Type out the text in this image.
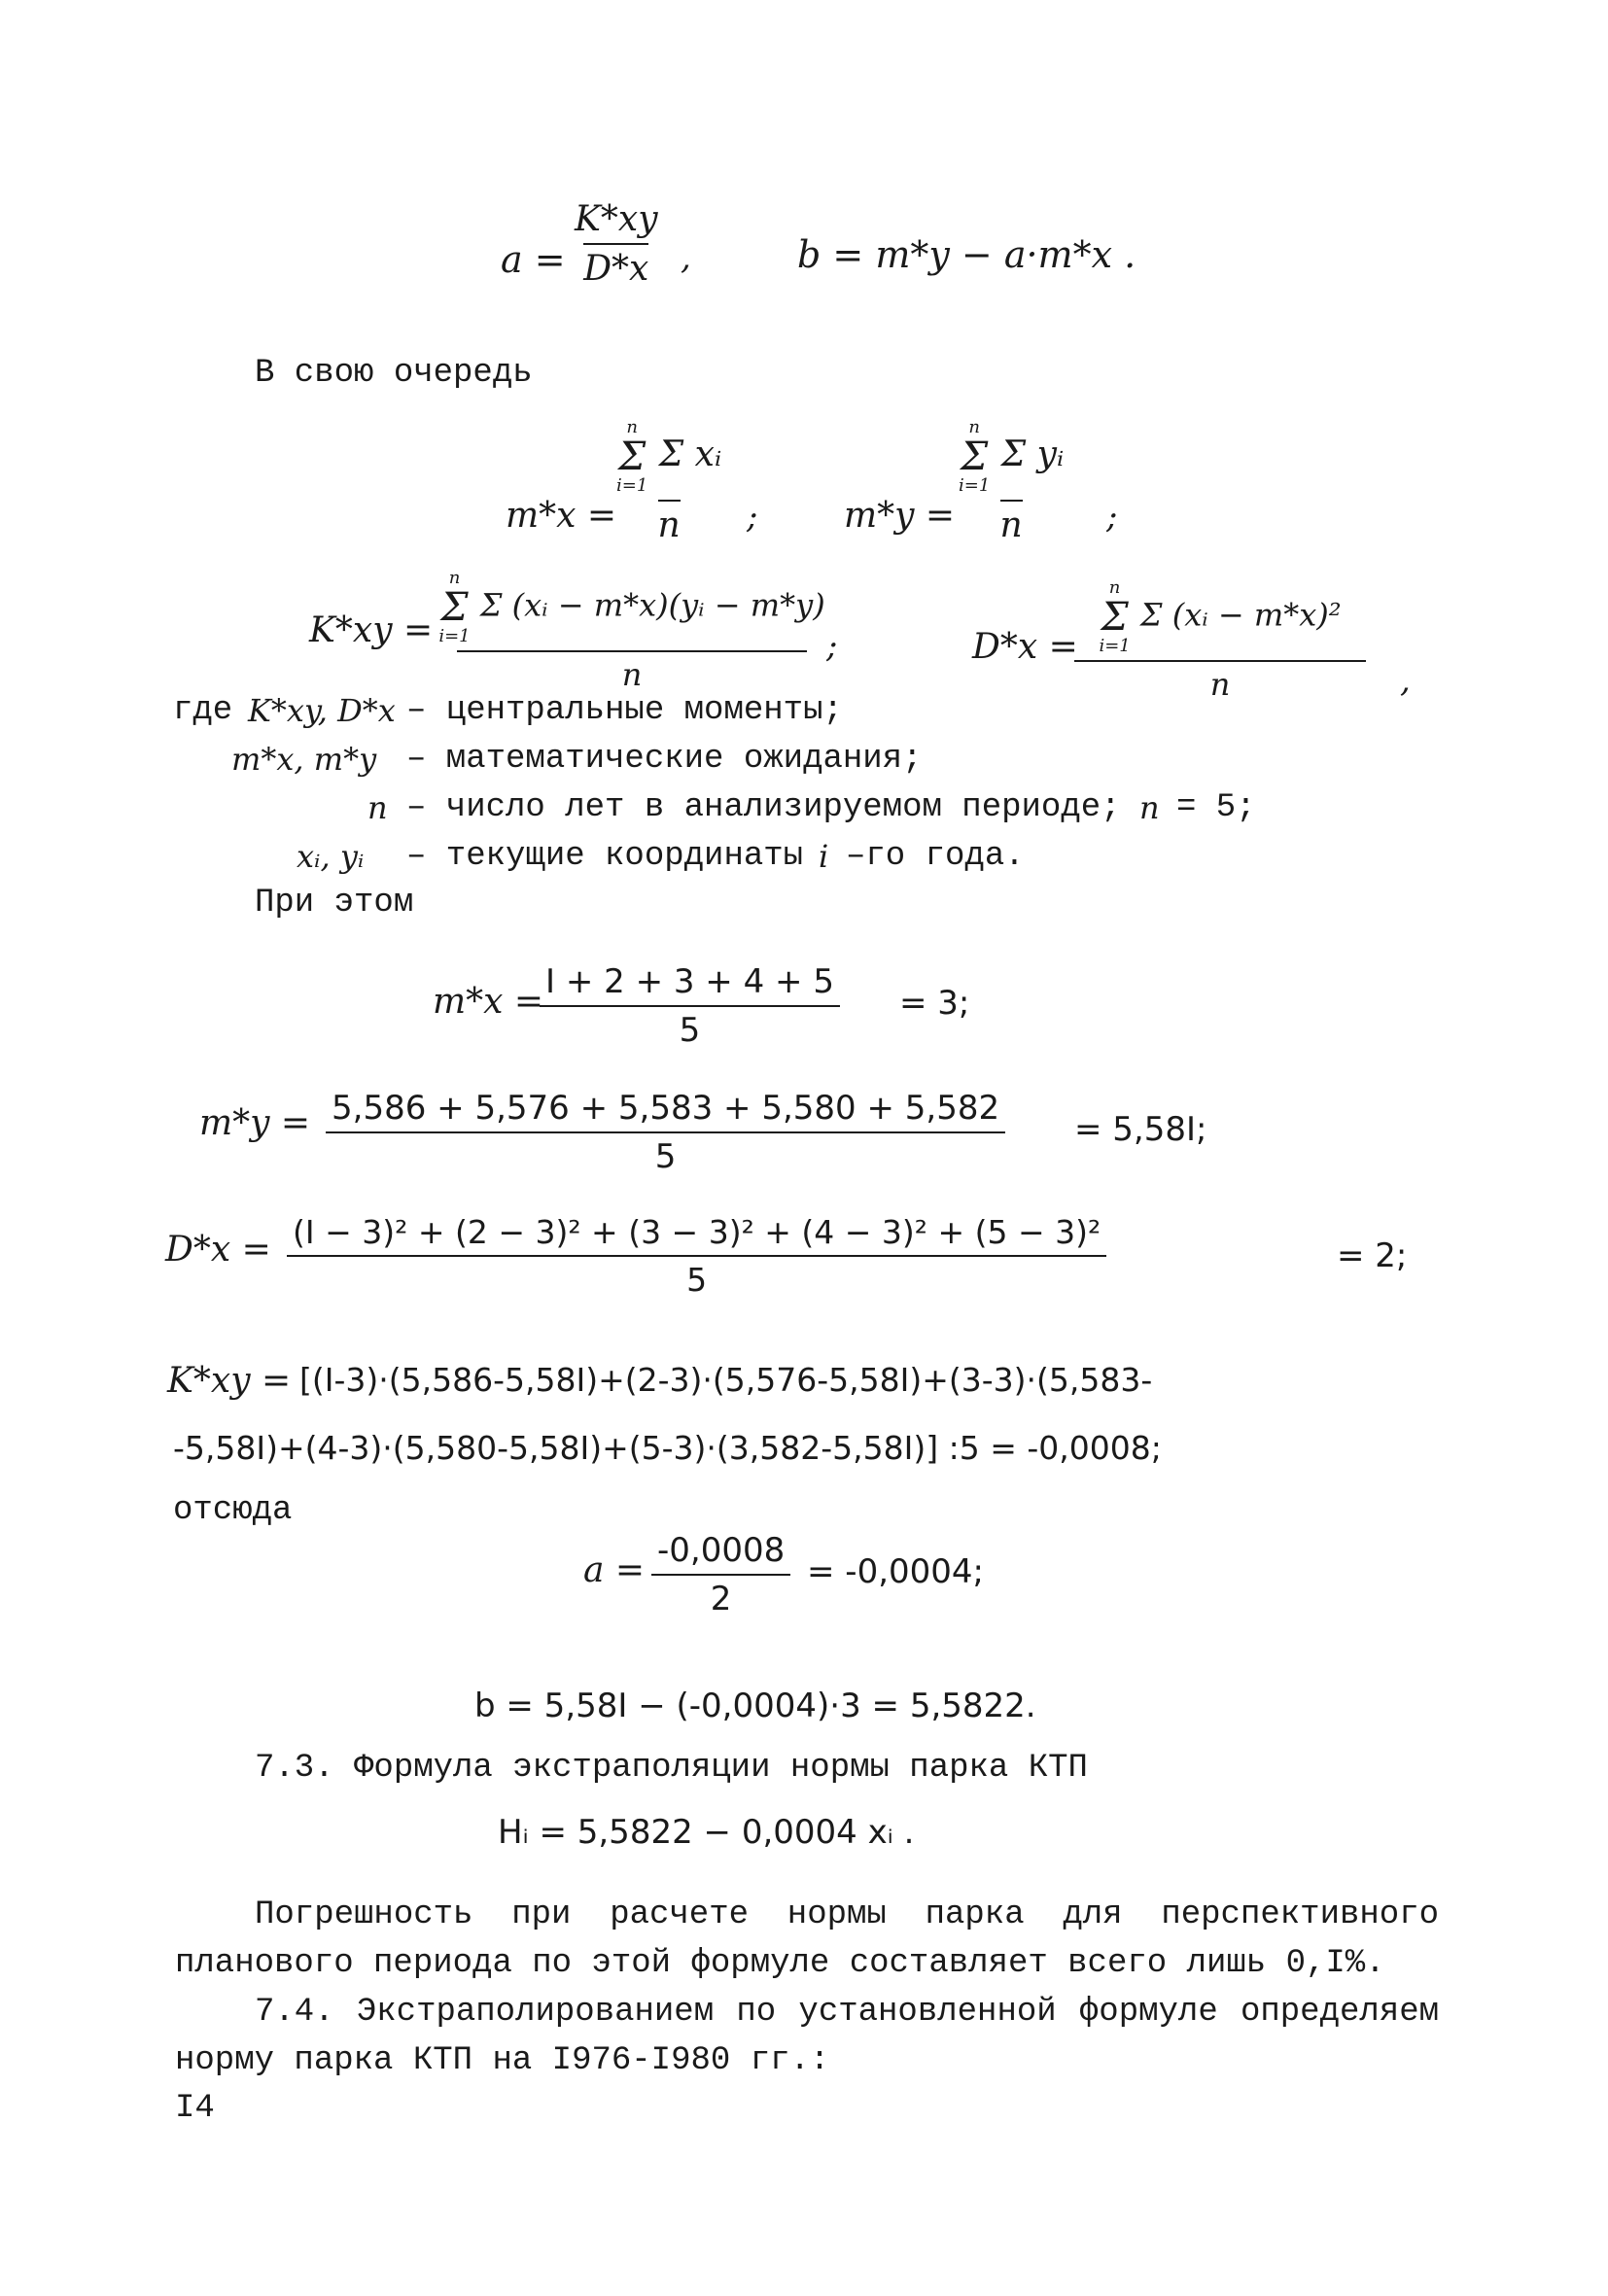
$a = \frac{K*xy}{D*x}$ ,	b = m*y − a·m*x .
В свою очередь
m*x =
n
Σ
i=1
Σ xᵢ
n ; m*y =
n
Σ
i=1
Σ yᵢ
n	;
K*xy =
n
Σ
i=1
Σ (xᵢ − m*x)(yᵢ − m*y)
n
;	D*x =
n
Σ
i=1
Σ (xᵢ − m*x)²
n	,
где K*xy, D*x – центральные моменты;
m*x, m*y – математические ожидания;
n – число лет в анализируемом периоде; n = 5;
xᵢ, yᵢ – текущие координаты i –го года.
При этом
m*x =
$\frac{I + 2 + 3 + 4 + 5}{5} = 3$;
$m*y = \frac{5,586 + 5,576 + 5,583 + 5,580 + 5,582}{5} = 5,58I$;
$D*x = \frac{\text{(I − 3)² + (2 − 3)² + (3 − 3)² + (4 − 3)² + (5 − 3)²}}{5}$	= 2;
K*xy = [(I-3)·(5,586-5,58I)+(2-3)·(5,576-5,58I)+(3-3)·(5,583-
-5,58I)+(4-3)·(5,580-5,58I)+(5-3)·(3,582-5,58I)] :5 = -0,0008;
отсюда
$a = \frac{-0,0008}{2} = -0,0004$;
b = 5,58I − (-0,0004)·3 = 5,5822.
7.3. Формула экстраполяции нормы парка КТП
Hᵢ = 5,5822 − 0,0004 xᵢ .
Погрешность при расчете нормы парка для перспективного планового периода по этой формуле составляет всего лишь 0,I%.
7.4. Экстраполированием по установленной формуле определяем норму парка КТП на I976-I980 гг.:
I4
